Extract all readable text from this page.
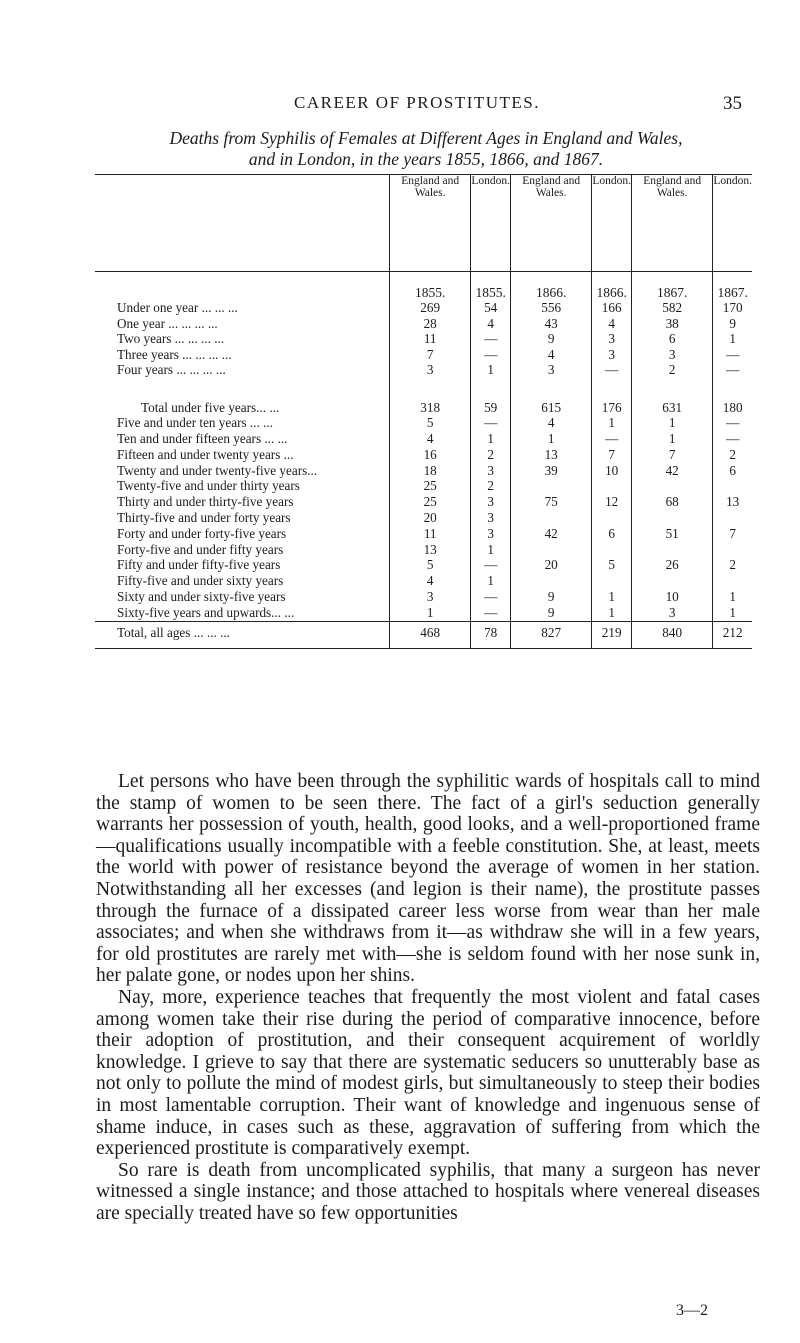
CAREER OF PROSTITUTES.	35
Deaths from Syphilis of Females at Different Ages in England and Wales,
and in London, in the years 1855, 1866, and 1867.
	England and Wales.	London.	England and Wales.	London.	England and Wales.	London.
	1855.	1855.	1866.	1866.	1867.	1867.
Under one year ... ... ...	269	54	556	166	582	170
One year ... ... ... ...	28	4	43	4	38	9
Two years ... ... ... ...	11	—	9	3	6	1
Three years ... ... ... ...	7	—	4	3	3	—
Four years ... ... ... ...	3	1	3	—	2	—

Total under five years... ...	318	59	615	176	631	180
Five and under ten years ... ...	5	—	4	1	1	—
Ten and under fifteen years ... ...	4	1	1	—	1	—
Fifteen and under twenty years ...	16	2	13	7	7	2
Twenty and under twenty-five years...	18	3	39	10	42	6
Twenty-five and under thirty years	25	2				
Thirty and under thirty-five years	25	3	75	12	68	13
Thirty-five and under forty years	20	3				
Forty and under forty-five years	11	3	42	6	51	7
Forty-five and under fifty years	13	1				
Fifty and under fifty-five years	5	—	20	5	26	2
Fifty-five and under sixty years	4	1				
Sixty and under sixty-five years	3	—	9	1	10	1
Sixty-five years and upwards... ...	1	—	9	1	3	1
Total, all ages ... ... ...	468	78	827	219	840	212

Let persons who have been through the syphilitic wards of hospitals call to mind the stamp of women to be seen there. The fact of a girl's seduction generally warrants her possession of youth, health, good looks, and a well-proportioned frame—qualifications usually incompatible with a feeble constitution. She, at least, meets the world with power of resistance beyond the average of women in her station. Notwithstanding all her excesses (and legion is their name), the prostitute passes through the furnace of a dissipated career less worse from wear than her male associates; and when she withdraws from it—as withdraw she will in a few years, for old prostitutes are rarely met with—she is seldom found with her nose sunk in, her palate gone, or nodes upon her shins.

Nay, more, experience teaches that frequently the most violent and fatal cases among women take their rise during the period of comparative innocence, before their adoption of prostitution, and their consequent acquirement of worldly knowledge. I grieve to say that there are systematic seducers so unutterably base as not only to pollute the mind of modest girls, but simultaneously to steep their bodies in most lamentable corruption. Their want of knowledge and ingenuous sense of shame induce, in cases such as these, aggravation of suffering from which the experienced prostitute is comparatively exempt.

So rare is death from uncomplicated syphilis, that many a surgeon has never witnessed a single instance; and those attached to hospitals where venereal diseases are specially treated have so few opportunities

3—2
